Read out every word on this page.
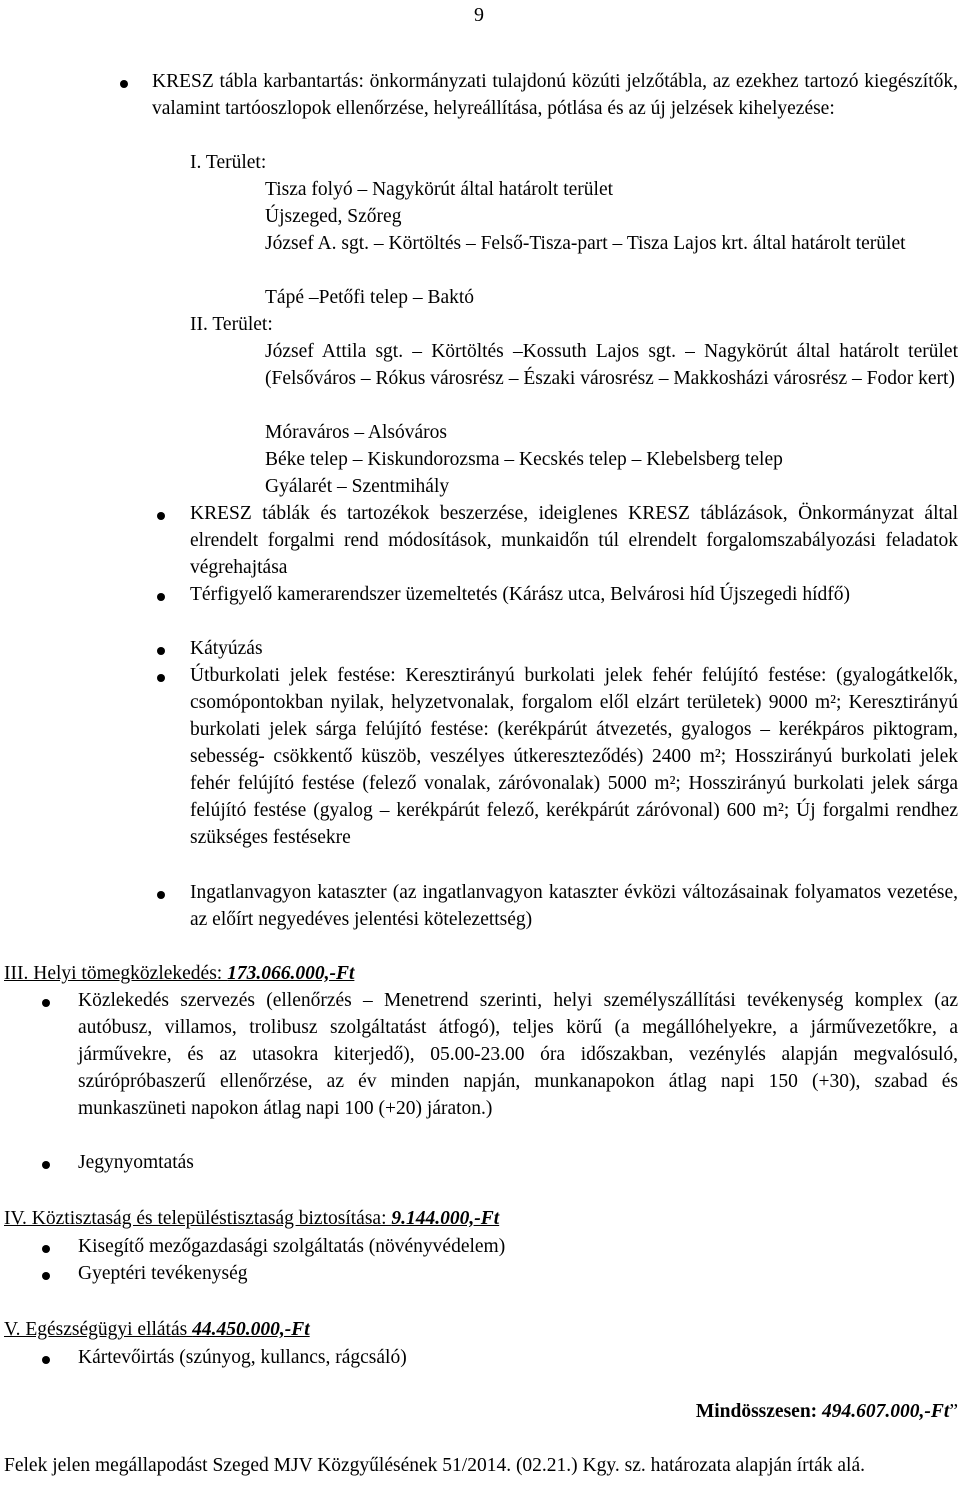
9
KRESZ tábla karbantartás: önkormányzati tulajdonú közúti jelzőtábla, az ezekhez tartozó kiegészítők, valamint tartóoszlopok ellenőrzése, helyreállítása, pótlása és az új jelzések kihelyezése:
I. Terület:
Tisza folyó – Nagykörút által határolt terület
Újszeged, Szőreg
József A. sgt. – Körtöltés – Felső-Tisza-part – Tisza Lajos krt. által határolt terület
Tápé –Petőfi telep – Baktó
II. Terület:
József Attila sgt. – Körtöltés –Kossuth Lajos sgt. – Nagykörút által határolt terület (Felsőváros – Rókus városrész – Északi városrész – Makkosházi városrész – Fodor kert)
Móraváros – Alsóváros
Béke telep – Kiskundorozsma – Kecskés telep – Klebelsberg telep
Gyálarét – Szentmihály
KRESZ táblák és tartozékok beszerzése, ideiglenes KRESZ táblázások, Önkormányzat által elrendelt forgalmi rend módosítások, munkaidőn túl elrendelt forgalomszabályozási feladatok végrehajtása
Térfigyelő kamerarendszer üzemeltetés (Kárász utca, Belvárosi híd Újszegedi hídfő)
Kátyúzás
Útburkolati jelek festése: Keresztirányú burkolati jelek fehér felújító festése: (gyalogátkelők, csomópontokban nyilak, helyzetvonalak, forgalom elől elzárt területek) 9000 m²; Keresztirányú burkolati jelek sárga felújító festése: (kerékpárút átvezetés, gyalogos – kerékpáros piktogram, sebesség- csökkentő küszöb, veszélyes útkereszteződés) 2400 m²; Hosszirányú burkolati jelek fehér felújító festése (felező vonalak, záróvonalak) 5000 m²; Hosszirányú burkolati jelek sárga felújító festése (gyalog – kerékpárút felező, kerékpárút záróvonal) 600 m²; Új forgalmi rendhez szükséges festésekre
Ingatlanvagyon kataszter (az ingatlanvagyon kataszter évközi változásainak folyamatos vezetése, az előírt negyedéves jelentési kötelezettség)
III. Helyi tömegközlekedés: 173.066.000,-Ft
Közlekedés szervezés (ellenőrzés – Menetrend szerinti, helyi személyszállítási tevékenység komplex (az autóbusz, villamos, trolibusz szolgáltatást átfogó), teljes körű (a megállóhelyekre, a járművezetőkre, a járművekre, és az utasokra kiterjedő), 05.00-23.00 óra időszakban, vezénylés alapján megvalósuló, szúrópróbaszerű ellenőrzése, az év minden napján, munkanapokon átlag napi 150 (+30), szabad és munkaszüneti napokon átlag napi 100 (+20) járaton.)
Jegynyomtatás
IV. Köztisztaság és településtisztaság biztosítása: 9.144.000,-Ft
Kisegítő mezőgazdasági szolgáltatás (növényvédelem)
Gyeptéri tevékenység
V. Egészségügyi ellátás 44.450.000,-Ft
Kártevőirtás (szúnyog, kullancs, rágcsáló)
Mindösszesen: 494.607.000,-Ft”
Felek jelen megállapodást Szeged MJV Közgyűlésének 51/2014. (02.21.) Kgy. sz. határozata alapján írták alá.
